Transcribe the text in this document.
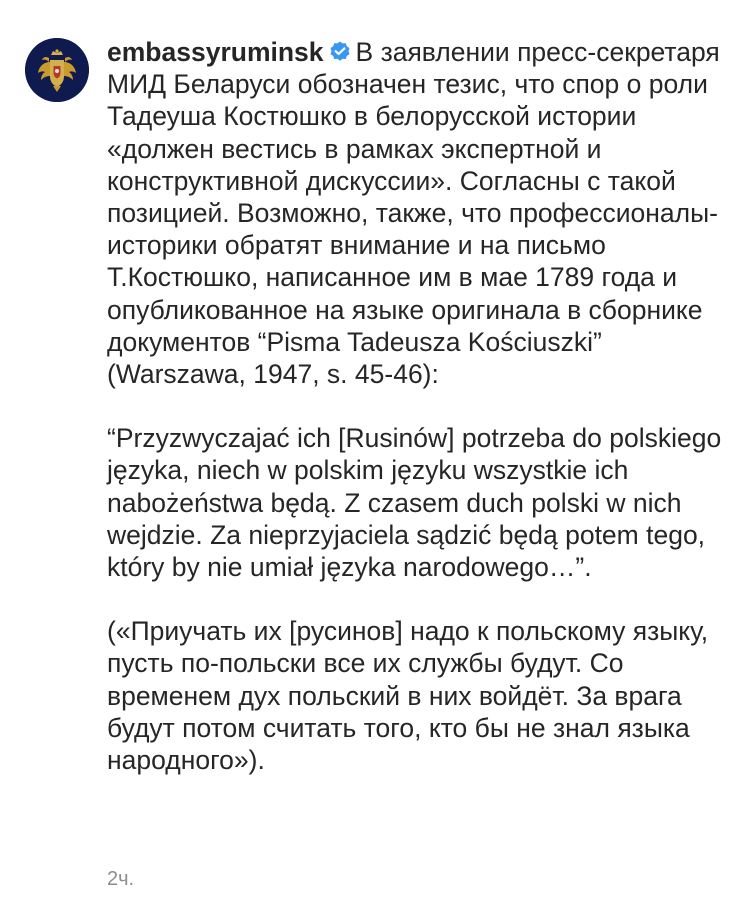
embassyruminsk В заявлении пресс-секретаря МИД Беларуси обозначен тезис, что спор о роли Тадеуша Костюшко в белорусской истории «должен вестись в рамках экспертной и конструктивной дискуссии». Согласны с такой позицией. Возможно, также, что профессионалы-историки обратят внимание и на письмо Т.Костюшко, написанное им в мае 1789 года и опубликованное на языке оригинала в сборнике документов “Pisma Tadeusza Kościuszki” (Warszawa, 1947, s. 45-46):

“Przyzwyczajać ich [Rusinów] potrzeba do polskiego języka, niech w polskim języku wszystkie ich nabożeństwa będą. Z czasem duch polski w nich wejdzie. Za nieprzyjaciela sądzić będą potem tego, który by nie umiał języka narodowego…”.

(«Приучать их [русинов] надо к польскому языку, пусть по-польски все их службы будут. Со временем дух польский в них войдёт. За врага будут потом считать того, кто бы не знал языка народного»).

2ч.
